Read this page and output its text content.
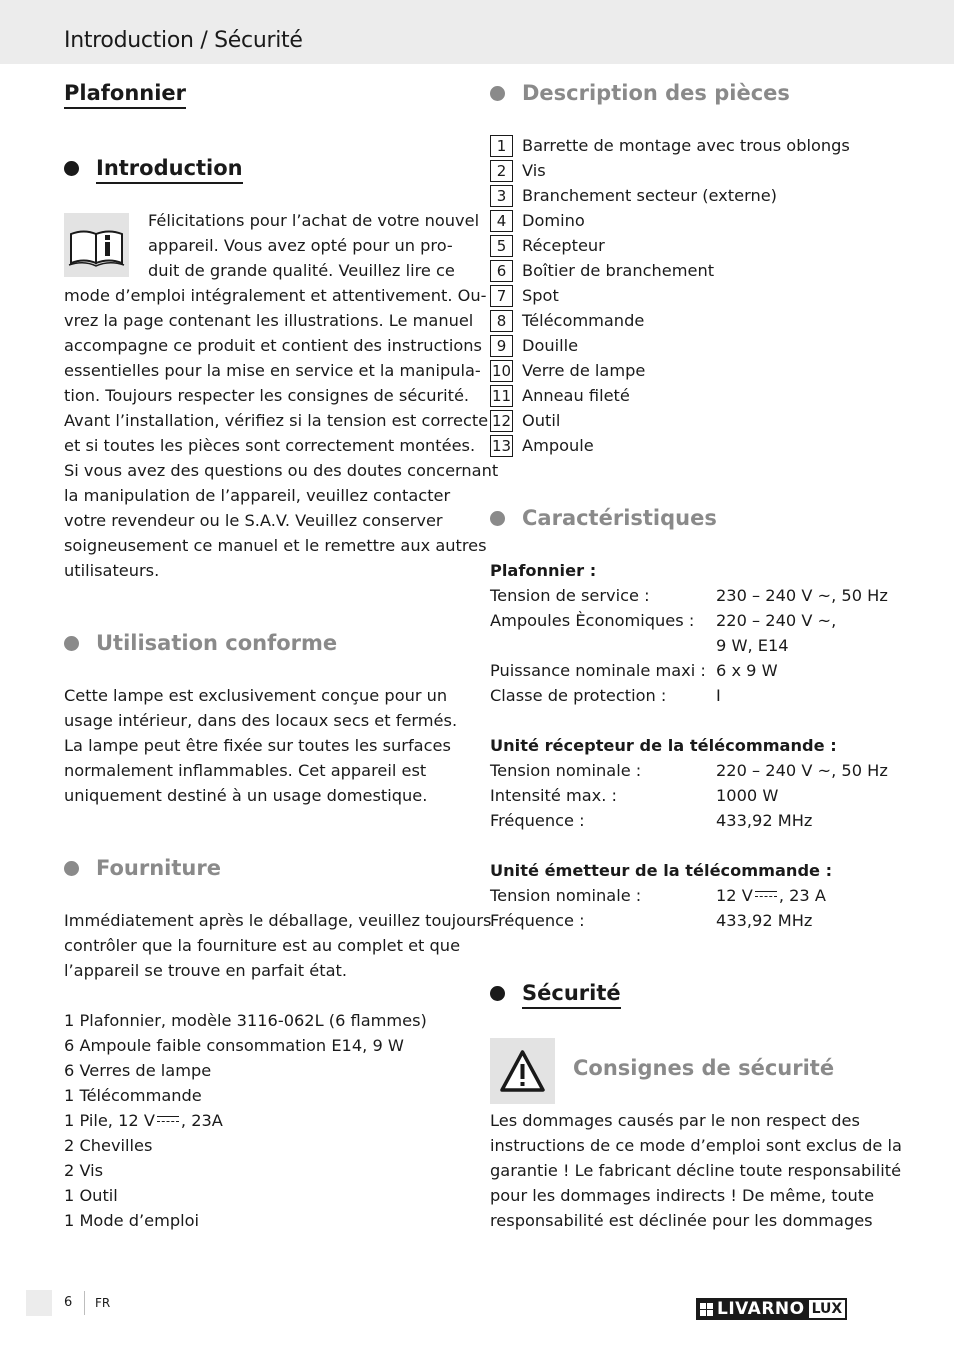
Introduction / Sécurité
Plafonnier
Introduction
Félicitations pour l’achat de votre nouvel
appareil. Vous avez opté pour un pro-
duit de grande qualité. Veuillez lire ce
mode d’emploi intégralement et attentivement. Ou-
vrez la page contenant les illustrations. Le manuel
accompagne ce produit et contient des instructions
essentielles pour la mise en service et la manipula-
tion. Toujours respecter les consignes de sécurité.
Avant l’installation, vérifiez si la tension est correcte
et si toutes les pièces sont correctement montées.
Si vous avez des questions ou des doutes concernant
la manipulation de l’appareil, veuillez contacter
votre revendeur ou le S.A.V. Veuillez conserver
soigneusement ce manuel et le remettre aux autres
utilisateurs.
Utilisation conforme
Cette lampe est exclusivement conçue pour un
usage intérieur, dans des locaux secs et fermés.
La lampe peut être fixée sur toutes les surfaces
normalement inflammables. Cet appareil est
uniquement destiné à un usage domestique.
Fourniture
Immédiatement après le déballage, veuillez toujours
contrôler que la fourniture est au complet et que
l’appareil se trouve en parfait état.
1 Plafonnier, modèle 3116-062L (6 flammes)
6 Ampoule faible consommation E14, 9 W
6 Verres de lampe
1 Télécommande
1 Pile, 12 V , 23A
2 Chevilles
2 Vis
1 Outil
1 Mode d’emploi
Description des pièces
1 Barrette de montage avec trous oblongs
2 Vis
3 Branchement secteur (externe)
4 Domino
5 Récepteur
6 Boîtier de branchement
7 Spot
8 Télécommande
9 Douille
10 Verre de lampe
11 Anneau fileté
12 Outil
13 Ampoule
Caractéristiques
Plafonnier :
Tension de service :	230 – 240 V ~, 50 Hz
Ampoules Èconomiques :	220 – 240 V ~,
9 W, E14
Puissance nominale maxi : 6 x 9 W
Classe de protection :	I
Unité récepteur de la télécommande :
Tension nominale :	220 – 240 V ~, 50 Hz
Intensité max. :	1000 W
Fréquence :	433,92 MHz
Unité émetteur de la télécommande :
Tension nominale :	12 V , 23 A
Fréquence :	433,92 MHz
Sécurité
Consignes de sécurité
Les dommages causés par le non respect des
instructions de ce mode d’emploi sont exclus de la
garantie ! Le fabricant décline toute responsabilité
pour les dommages indirects ! De même, toute
responsabilité est déclinée pour les dommages
6 FR	LIVARNO LUX
